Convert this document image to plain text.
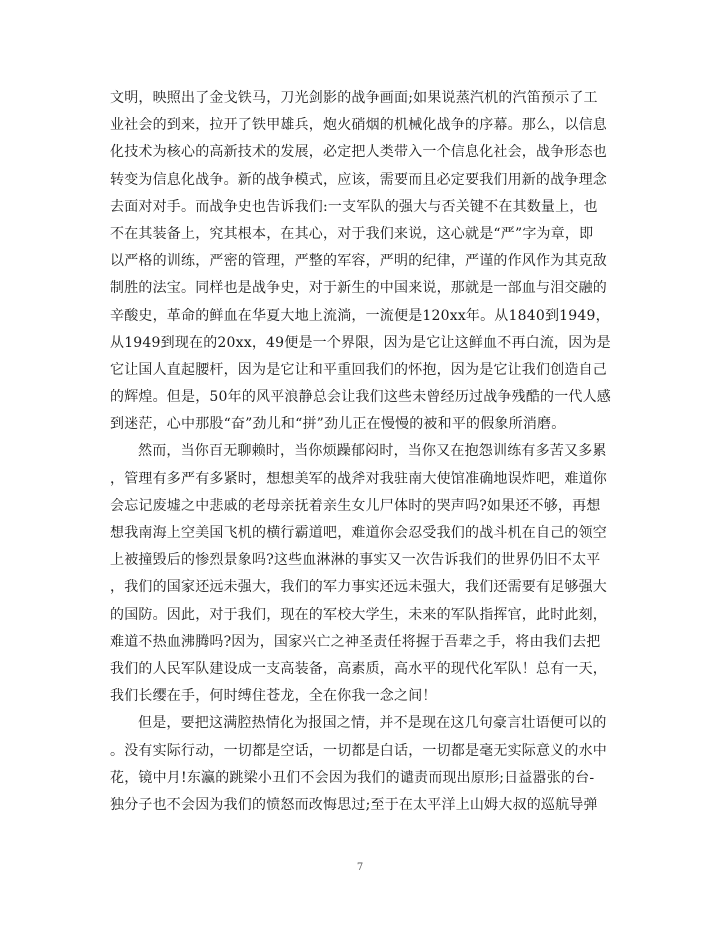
文明，映照出了金戈铁马，刀光剑影的战争画面;如果说蒸汽机的汽笛预示了工
业社会的到来，拉开了铁甲雄兵，炮火硝烟的机械化战争的序幕。那么，以信息
化技术为核心的高新技术的发展，必定把人类带入一个信息化社会，战争形态也
转变为信息化战争。新的战争模式，应该，需要而且必定要我们用新的战争理念
去面对对手。而战争史也告诉我们:一支军队的强大与否关键不在其数量上，也
不在其装备上，究其根本，在其心，对于我们来说，这心就是“严”字为章，即
以严格的训练，严密的管理，严整的军容，严明的纪律，严谨的作风作为其克敌
制胜的法宝。同样也是战争史，对于新生的中国来说，那就是一部血与泪交融的
辛酸史，革命的鲜血在华夏大地上流淌，一流便是120xx年。从1840到1949，
从1949到现在的20xx，49便是一个界限，因为是它让这鲜血不再白流，因为是
它让国人直起腰杆，因为是它让和平重回我们的怀抱，因为是它让我们创造自己
的辉煌。但是，50年的风平浪静总会让我们这些未曾经历过战争残酷的一代人感
到迷茫，心中那股“奋”劲儿和“拼”劲儿正在慢慢的被和平的假象所消磨。
然而，当你百无聊赖时，当你烦躁郁闷时，当你又在抱怨训练有多苦又多累
，管理有多严有多紧时，想想美军的战斧对我驻南大使馆准确地误炸吧，难道你
会忘记废墟之中悲戚的老母亲抚着亲生女儿尸体时的哭声吗?如果还不够，再想
想我南海上空美国飞机的横行霸道吧，难道你会忍受我们的战斗机在自己的领空
上被撞毁后的惨烈景象吗?这些血淋淋的事实又一次告诉我们的世界仍旧不太平
，我们的国家还远未强大，我们的军力事实还远未强大，我们还需要有足够强大
的国防。因此，对于我们，现在的军校大学生，未来的军队指挥官，此时此刻，
难道不热血沸腾吗?因为，国家兴亡之神圣责任将握于吾辈之手，将由我们去把
我们的人民军队建设成一支高装备，高素质，高水平的现代化军队！总有一天，
我们长缨在手，何时缚住苍龙，全在你我一念之间！
但是，要把这满腔热情化为报国之情，并不是现在这几句豪言壮语便可以的
。没有实际行动，一切都是空话，一切都是白话，一切都是毫无实际意义的水中
花，镜中月!东瀛的跳梁小丑们不会因为我们的谴责而现出原形;日益嚣张的台-
独分子也不会因为我们的愤怒而改悔思过;至于在太平洋上山姆大叔的巡航导弹
7
